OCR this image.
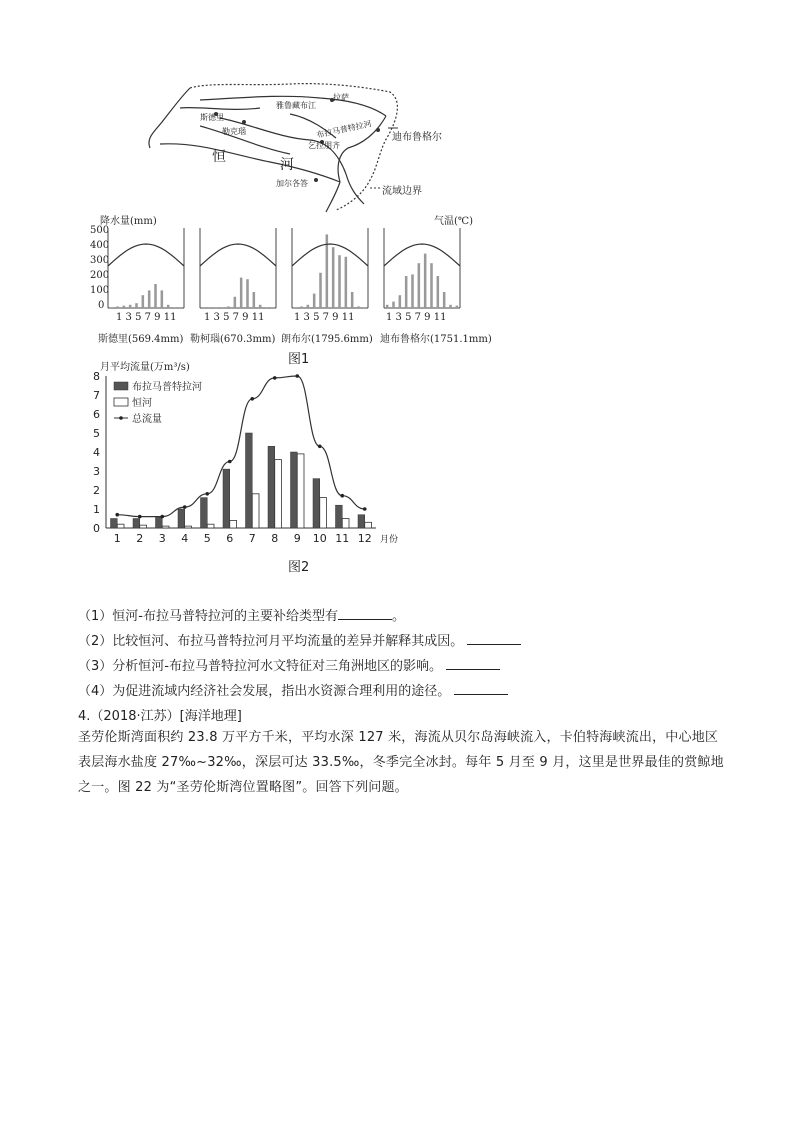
拉萨
雅鲁藏布江
布拉马普特拉河 迪布鲁格尔
斯德里
勒克瑙
乞拉朋齐
恒	河
加尔各答
流域边界
降水量(mm)	气温(℃)
500
400
300
200
100
0
1 3 5 7 9 11	1 3 5 7 9 11	1 3 5 7 9 11	1 3 5 7 9 11
斯德里(569.4mm) 勒柯瑙(670.3mm) 朗布尔(1795.6mm) 迪布鲁格尔(1751.1mm)
图1
月平均流量(万m³/s)
0
1
2
3
4
5
6
7
8
1 2 3 4 5 6 7 8 9 10 11 12 月份
布拉马普特拉河
恒河
总流量
图2
（1）恒河-布拉马普特拉河的主要补给类型有	。
（2）比较恒河、布拉马普特拉河月平均流量的差异并解释其成因。
（3）分析恒河-布拉马普特拉河水文特征对三角洲地区的影响。
（4）为促进流域内经济社会发展，指出水资源合理利用的途径。
4.（2018·江苏）[海洋地理]
圣劳伦斯湾面积约 23.8 万平方千米，平均水深 127 米，海流从贝尔岛海峡流入，卡伯特海峡流出，中心地区表层海水盐度 27‰~32‰，深层可达 33.5‰，冬季完全冰封。每年 5 月至 9 月，这里是世界最佳的赏鲸地之一。图 22 为“圣劳伦斯湾位置略图”。回答下列问题。
